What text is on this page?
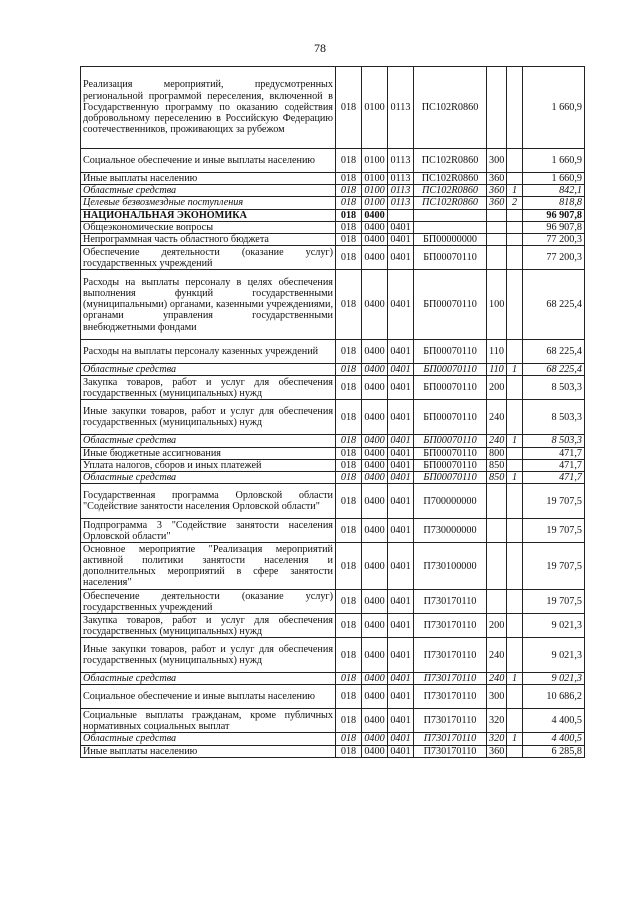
78
Реализация мероприятий, предусмотренных региональной программой переселения, включенной в Государственную программу по оказанию содействия добровольному переселению в Российскую Федерацию соотечественников, проживающих за рубежом	018	0100	0113	ПС102R0860			1 660,9
Социальное обеспечение и иные выплаты населению	018	0100	0113	ПС102R0860	300		1 660,9
Иные выплаты населению	018	0100	0113	ПС102R0860	360		1 660,9
Областные средства	018	0100	0113	ПС102R0860	360	1	842,1
Целевые безвозмездные поступления	018	0100	0113	ПС102R0860	360	2	818,8
НАЦИОНАЛЬНАЯ ЭКОНОМИКА	018	0400					96 907,8
Общеэкономические вопросы	018	0400	0401				96 907,8
Непрограммная часть областного бюджета	018	0400	0401	БП00000000			77 200,3
Обеспечение деятельности (оказание услуг) государственных учреждений	018	0400	0401	БП00070110			77 200,3
Расходы на выплаты персоналу в целях обеспечения выполнения функций государственными (муниципальными) органами, казенными учреждениями, органами управления государственными внебюджетными фондами	018	0400	0401	БП00070110	100		68 225,4
Расходы на выплаты персоналу казенных учреждений	018	0400	0401	БП00070110	110		68 225,4
Областные средства	018	0400	0401	БП00070110	110	1	68 225,4
Закупка товаров, работ и услуг для обеспечения государственных (муниципальных) нужд	018	0400	0401	БП00070110	200		8 503,3
Иные закупки товаров, работ и услуг для обеспечения государственных (муниципальных) нужд	018	0400	0401	БП00070110	240		8 503,3
Областные средства	018	0400	0401	БП00070110	240	1	8 503,3
Иные бюджетные ассигнования	018	0400	0401	БП00070110	800		471,7
Уплата налогов, сборов и иных платежей	018	0400	0401	БП00070110	850		471,7
Областные средства	018	0400	0401	БП00070110	850	1	471,7
Государственная программа Орловской области "Содействие занятости населения Орловской области"	018	0400	0401	П700000000			19 707,5
Подпрограмма 3 "Содействие занятости населения Орловской области"	018	0400	0401	П730000000			19 707,5
Основное мероприятие "Реализация мероприятий активной политики занятости населения и дополнительных мероприятий в сфере занятости населения"	018	0400	0401	П730100000			19 707,5
Обеспечение деятельности (оказание услуг) государственных учреждений	018	0400	0401	П730170110			19 707,5
Закупка товаров, работ и услуг для обеспечения государственных (муниципальных) нужд	018	0400	0401	П730170110	200		9 021,3
Иные закупки товаров, работ и услуг для обеспечения государственных (муниципальных) нужд	018	0400	0401	П730170110	240		9 021,3
Областные средства	018	0400	0401	П730170110	240	1	9 021,3
Социальное обеспечение и иные выплаты населению	018	0400	0401	П730170110	300		10 686,2
Социальные выплаты гражданам, кроме публичных нормативных социальных выплат	018	0400	0401	П730170110	320		4 400,5
Областные средства	018	0400	0401	П730170110	320	1	4 400,5
Иные выплаты населению	018	0400	0401	П730170110	360		6 285,8
